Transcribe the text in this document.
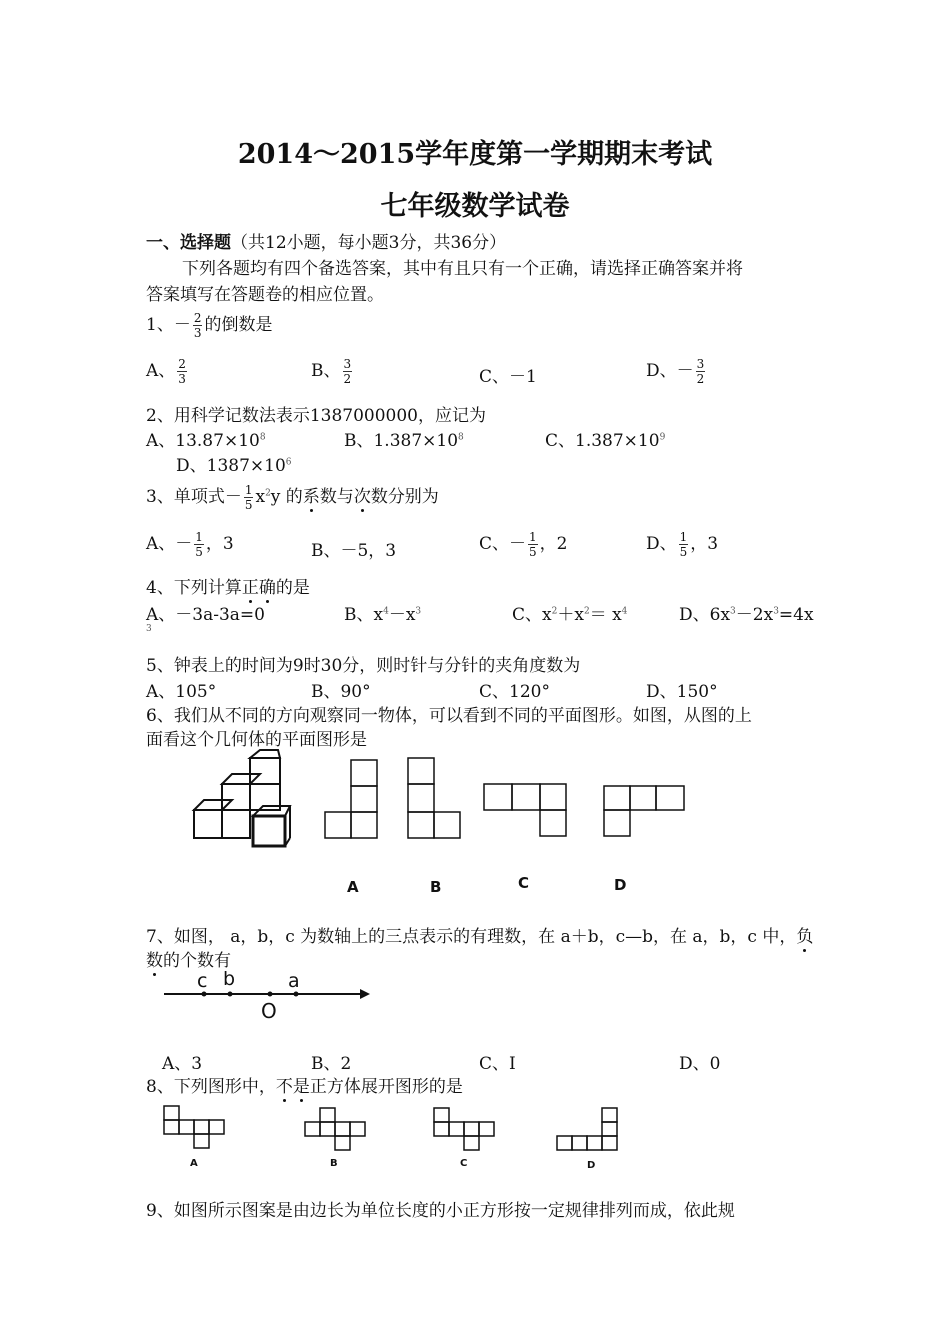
2014～2015学年度第一学期期末考试
七年级数学试卷
一、选择题（共12小题，每小题3分，共36分）
下列各题均有四个备选答案，其中有且只有一个正确，请选择正确答案并将
答案填写在答题卷的相应位置。
1、－ $\frac{2}{3}$ 的倒数是
A、 $\frac{2}{3}$	B、 $\frac{3}{2}$	C、－1	D、－ $\frac{3}{2}$
2、用科学记数法表示1387000000，应记为
A、$13.87\times 10^8$	B、$1.387\times 10^8$	C、$1.387\times 10^9$
D、$1387\times 10^6$
3、单项式－ $\frac{1}{5} x^2y$ 的系数与次数分别为
A、－ $\frac{1}{5}$ ，3	B、－5，3	C、－ $\frac{1}{5}$ ，2	D、 $\frac{1}{5}$ ，3
4、下列计算正确的是
A、－3a-3a=0	B、$x^4-x^3$	C、$x^2+x^2= x^4$	D、$6x^3-2x^3=4x$
3
5、钟表上的时间为9时30分，则时针与分针的夹角度数为
A、105°	B、90°	C、120°	D、150°
6、我们从不同的方向观察同一物体，可以看到不同的平面图形。如图，从图的上
面看这个几何体的平面图形是
A	B	C	D
7、如图， a，b，c 为数轴上的三点表示的有理数，在 a＋b，c—b，在 a，b，c 中，负
数的个数有
c b	a
O
A、3	B、2	C、I	D、0
8、下列图形中，不是正方体展开图形的是
A	B	C	D
9、如图所示图案是由边长为单位长度的小正方形按一定规律排列而成，依此规
